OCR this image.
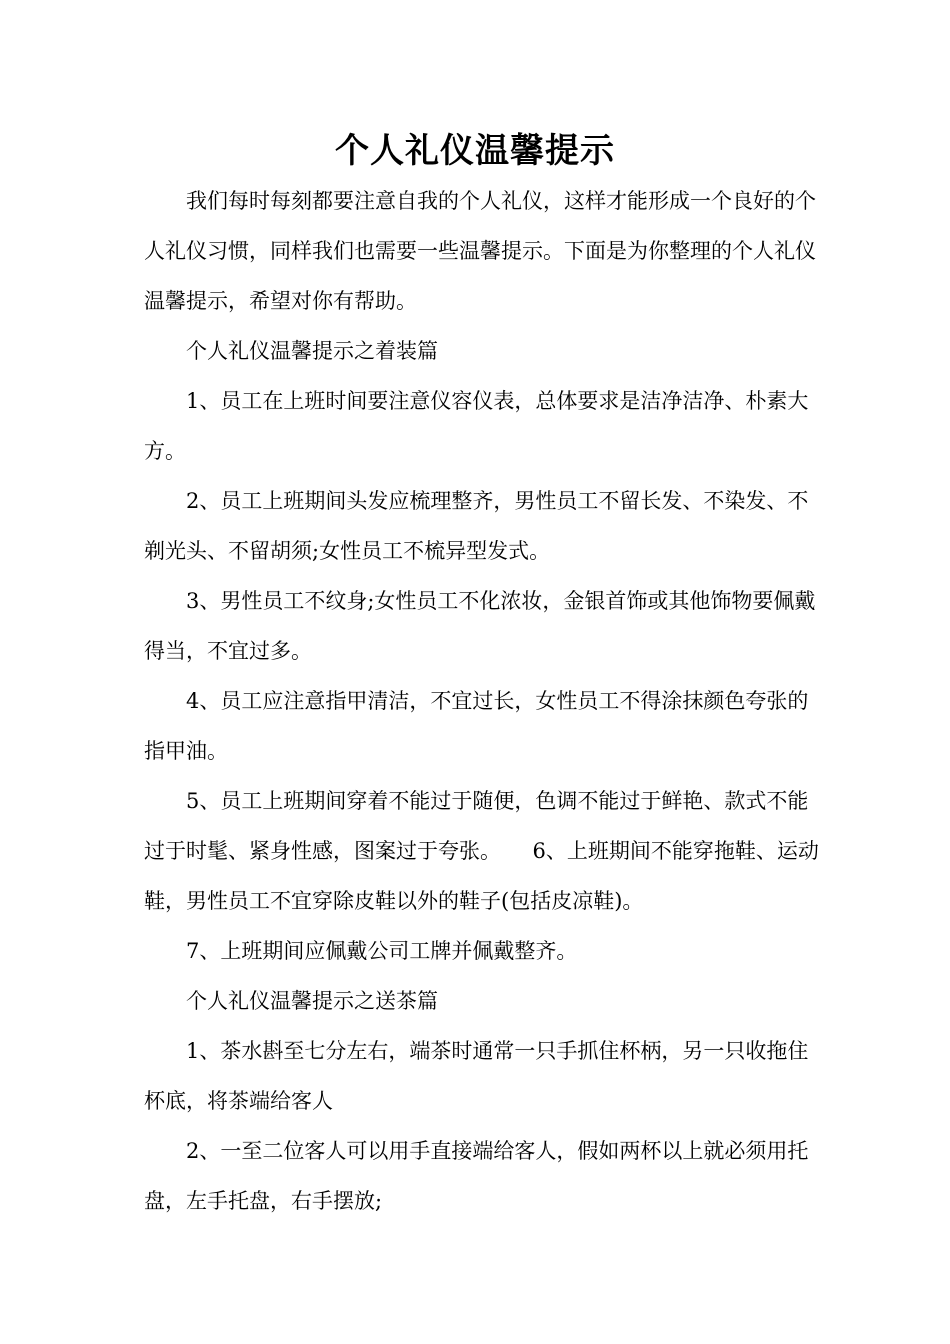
个人礼仪温馨提示

我们每时每刻都要注意自我的个人礼仪，这样才能形成一个良好的个人礼仪习惯，同样我们也需要一些温馨提示。下面是为你整理的个人礼仪温馨提示，希望对你有帮助。

个人礼仪温馨提示之着装篇

1、员工在上班时间要注意仪容仪表，总体要求是洁净洁净、朴素大方。

2、员工上班期间头发应梳理整齐，男性员工不留长发、不染发、不剃光头、不留胡须;女性员工不梳异型发式。

3、男性员工不纹身;女性员工不化浓妆，金银首饰或其他饰物要佩戴得当，不宜过多。

4、员工应注意指甲清洁，不宜过长，女性员工不得涂抹颜色夸张的指甲油。

5、员工上班期间穿着不能过于随便，色调不能过于鲜艳、款式不能过于时髦、紧身性感，图案过于夸张。　　6、上班期间不能穿拖鞋、运动鞋，男性员工不宜穿除皮鞋以外的鞋子(包括皮凉鞋)。

7、上班期间应佩戴公司工牌并佩戴整齐。

个人礼仪温馨提示之送茶篇

1、茶水斟至七分左右，端茶时通常一只手抓住杯柄，另一只收拖住杯底，将茶端给客人

2、一至二位客人可以用手直接端给客人，假如两杯以上就必须用托盘，左手托盘，右手摆放;
